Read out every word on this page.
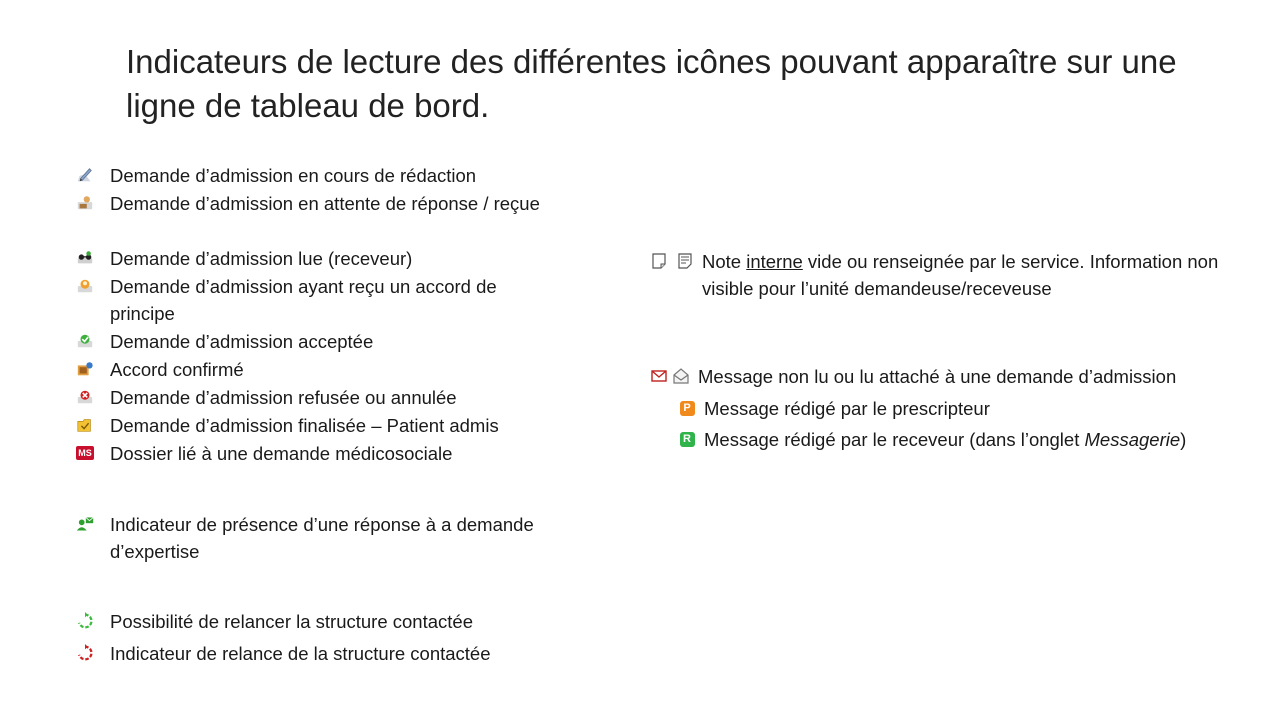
Indicateurs de lecture des différentes icônes pouvant apparaître sur une ligne de tableau de bord.
Demande d’admission en cours de rédaction
Demande d’admission en attente de réponse / reçue
Demande d’admission lue (receveur)
Demande d’admission ayant reçu un accord de principe
Demande d’admission acceptée
Accord confirmé
Demande d’admission refusée ou annulée
Demande d’admission finalisée – Patient admis
MS Dossier lié à une demande médicosociale
Indicateur de présence d’une réponse à a demande d’expertise
Possibilité de relancer la structure contactée
Indicateur de relance de la structure contactée
Note interne vide ou renseignée par le service. Information non visible pour l’unité demandeuse/receveuse
Message non lu ou lu attaché à une demande d’admission
P Message rédigé par le prescripteur
R Message rédigé par le receveur (dans l’onglet Messagerie)
